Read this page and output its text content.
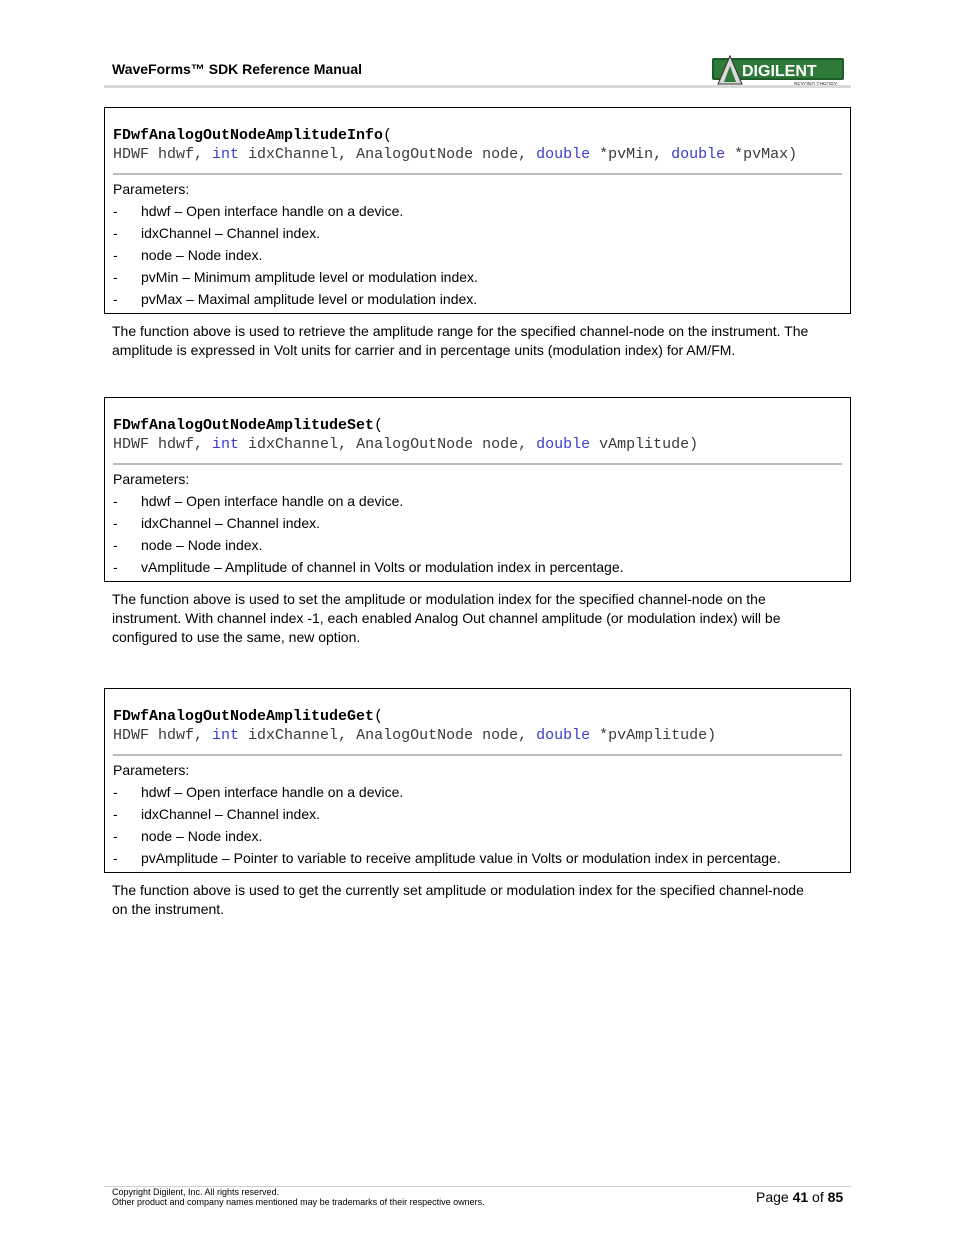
WaveForms™ SDK Reference Manual	DIGILENT
FDwfAnalogOutNodeAmplitudeInfo(
HDWF hdwf, int idxChannel, AnalogOutNode node, double *pvMin, double *pvMax)
Parameters:
- hdwf – Open interface handle on a device.
- idxChannel – Channel index.
- node – Node index.
- pvMin – Minimum amplitude level or modulation index.
- pvMax – Maximal amplitude level or modulation index.
The function above is used to retrieve the amplitude range for the specified channel-node on the instrument. The
amplitude is expressed in Volt units for carrier and in percentage units (modulation index) for AM/FM.
FDwfAnalogOutNodeAmplitudeSet(
HDWF hdwf, int idxChannel, AnalogOutNode node, double vAmplitude)
Parameters:
- hdwf – Open interface handle on a device.
- idxChannel – Channel index.
- node – Node index.
- vAmplitude – Amplitude of channel in Volts or modulation index in percentage.
The function above is used to set the amplitude or modulation index for the specified channel-node on the
instrument. With channel index -1, each enabled Analog Out channel amplitude (or modulation index) will be
configured to use the same, new option.
FDwfAnalogOutNodeAmplitudeGet(
HDWF hdwf, int idxChannel, AnalogOutNode node, double *pvAmplitude)
Parameters:
- hdwf – Open interface handle on a device.
- idxChannel – Channel index.
- node – Node index.
- pvAmplitude – Pointer to variable to receive amplitude value in Volts or modulation index in percentage.
The function above is used to get the currently set amplitude or modulation index for the specified channel-node
on the instrument.
Copyright Digilent, Inc. All rights reserved.
Other product and company names mentioned may be trademarks of their respective owners.	Page 41 of 85
